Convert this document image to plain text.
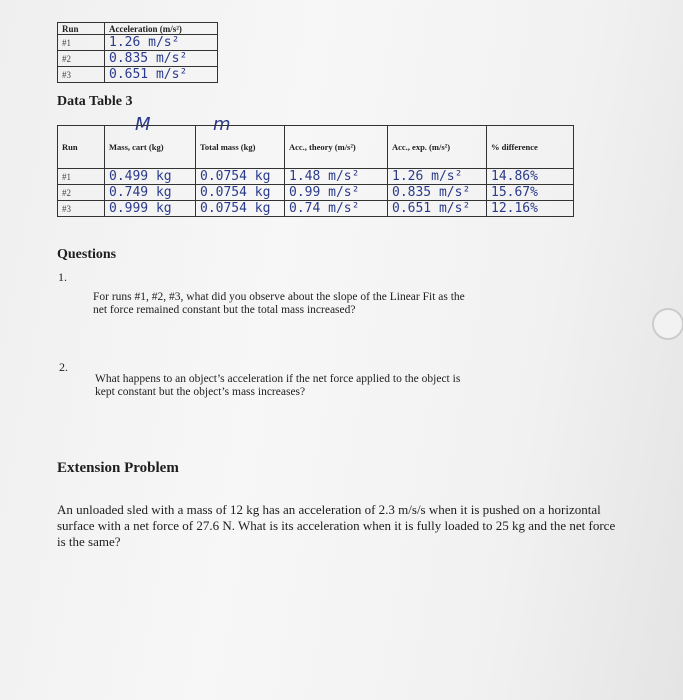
Run	Acceleration (m/s²)
#1	1.26 m/s²
#2	0.835 m/s²
#3	0.651 m/s²
Data Table 3
M	m
Run	Mass, cart (kg)	Total mass (kg)	Acc., theory (m/s²)	Acc., exp. (m/s²)	% difference
#1	0.499 kg	0.0754 kg	1.48 m/s²	1.26 m/s²	14.86%
#2	0.749 kg	0.0754 kg	0.99 m/s²	0.835 m/s²	15.67%
#3	0.999 kg	0.0754 kg	0.74 m/s²	0.651 m/s²	12.16%
Questions
1.
For runs #1, #2, #3, what did you observe about the slope of the Linear Fit as the
net force remained constant but the total mass increased?
2.
What happens to an object’s acceleration if the net force applied to the object is
kept constant but the object’s mass increases?
Extension Problem
An unloaded sled with a mass of 12 kg has an acceleration of 2.3 m/s/s when it is pushed on a horizontal surface with a net force of 27.6 N. What is its acceleration when it is fully loaded to 25 kg and the net force is the same?
